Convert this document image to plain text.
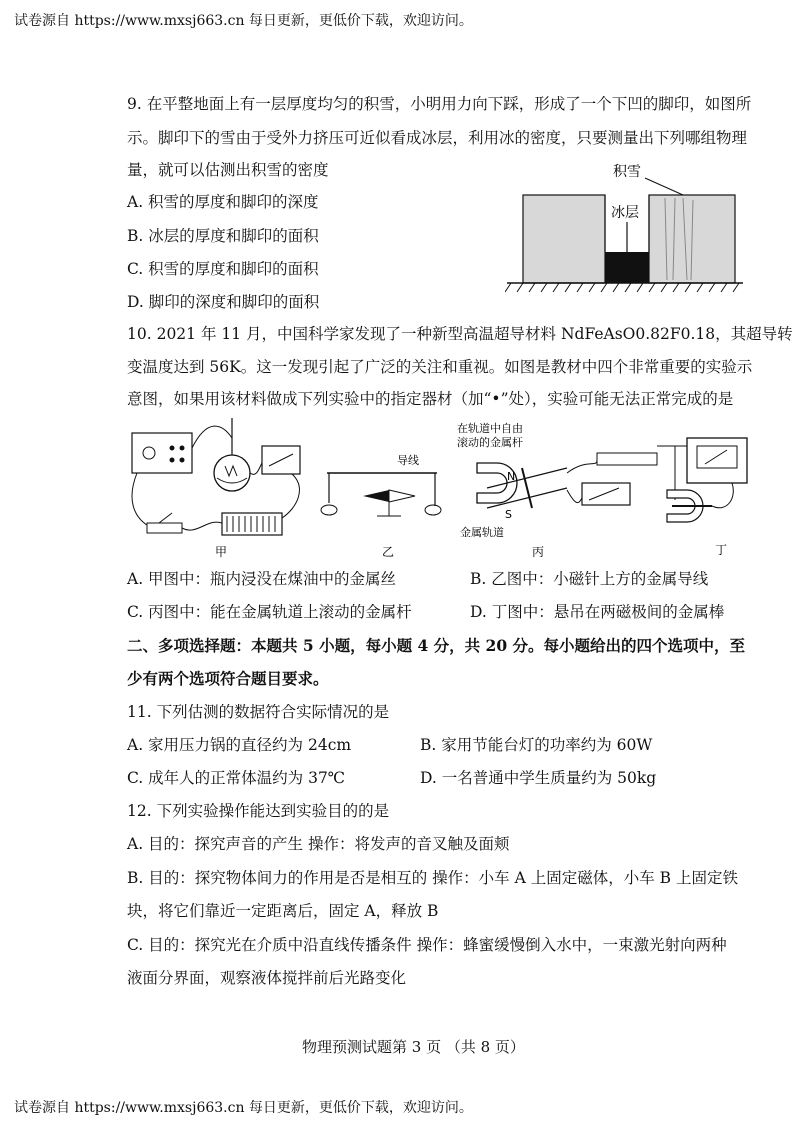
试卷源自 https://www.mxsj663.cn 每日更新，更低价下载，欢迎访问。
试卷源自 https://www.mxsj663.cn 每日更新，更低价下载，欢迎访问。
9. 在平整地面上有一层厚度均匀的积雪，小明用力向下踩，形成了一个下凹的脚印，如图所
示。脚印下的雪由于受外力挤压可近似看成冰层，利用冰的密度，只要测量出下列哪组物理
量，就可以估测出积雪的密度
A. 积雪的厚度和脚印的深度
B. 冰层的厚度和脚印的面积
C. 积雪的厚度和脚印的面积
D. 脚印的深度和脚印的面积
积雪
冰层
10. 2021 年 11 月，中国科学家发现了一种新型高温超导材料 NdFeAsO0.82F0.18，其超导转
变温度达到 56K。这一发现引起了广泛的关注和重视。如图是教材中四个非常重要的实验示
意图，如果用该材料做成下列实验中的指定器材（加“•”处），实验可能无法正常完成的是
甲
导线
乙
在轨道中自由
滚动的金属杆
N
S
金属轨道
丙	丁
A. 甲图中：瓶内浸没在煤油中的金属丝	B. 乙图中：小磁针上方的金属导线
C. 丙图中：能在金属轨道上滚动的金属杆	D. 丁图中：悬吊在两磁极间的金属棒
二、多项选择题：本题共 5 小题，每小题 4 分，共 20 分。每小题给出的四个选项中，至
少有两个选项符合题目要求。
11. 下列估测的数据符合实际情况的是
A. 家用压力锅的直径约为 24cm	B. 家用节能台灯的功率约为 60W
C. 成年人的正常体温约为 37℃	D. 一名普通中学生质量约为 50kg
12. 下列实验操作能达到实验目的的是
A. 目的：探究声音的产生 操作：将发声的音叉触及面颊
B. 目的：探究物体间力的作用是否是相互的 操作：小车 A 上固定磁体，小车 B 上固定铁
块，将它们靠近一定距离后，固定 A，释放 B
C. 目的：探究光在介质中沿直线传播条件 操作：蜂蜜缓慢倒入水中，一束激光射向两种
液面分界面，观察液体搅拌前后光路变化
物理预测试题第 3 页 （共 8 页）
